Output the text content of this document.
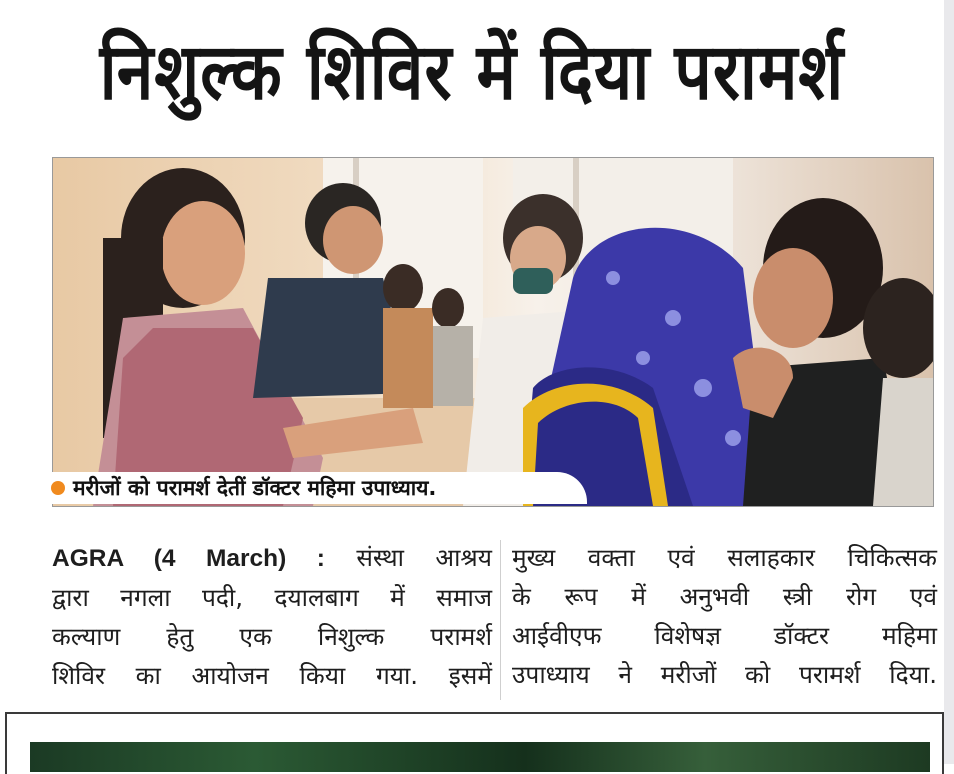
निशुल्क शिविर में दिया परामर्श
मरीजों को परामर्श देतीं डॉक्टर महिमा उपाध्याय.
AGRA (4 March) : संस्था आश्रय
द्वारा नगला पदी, दयालबाग में समाज
कल्याण हेतु एक निशुल्क परामर्श
शिविर का आयोजन किया गया. इसमें
मुख्य वक्ता एवं सलाहकार चिकित्सक
के रूप में अनुभवी स्त्री रोग एवं
आईवीएफ विशेषज्ञ डॉक्टर महिमा
उपाध्याय ने मरीजों को परामर्श दिया.
